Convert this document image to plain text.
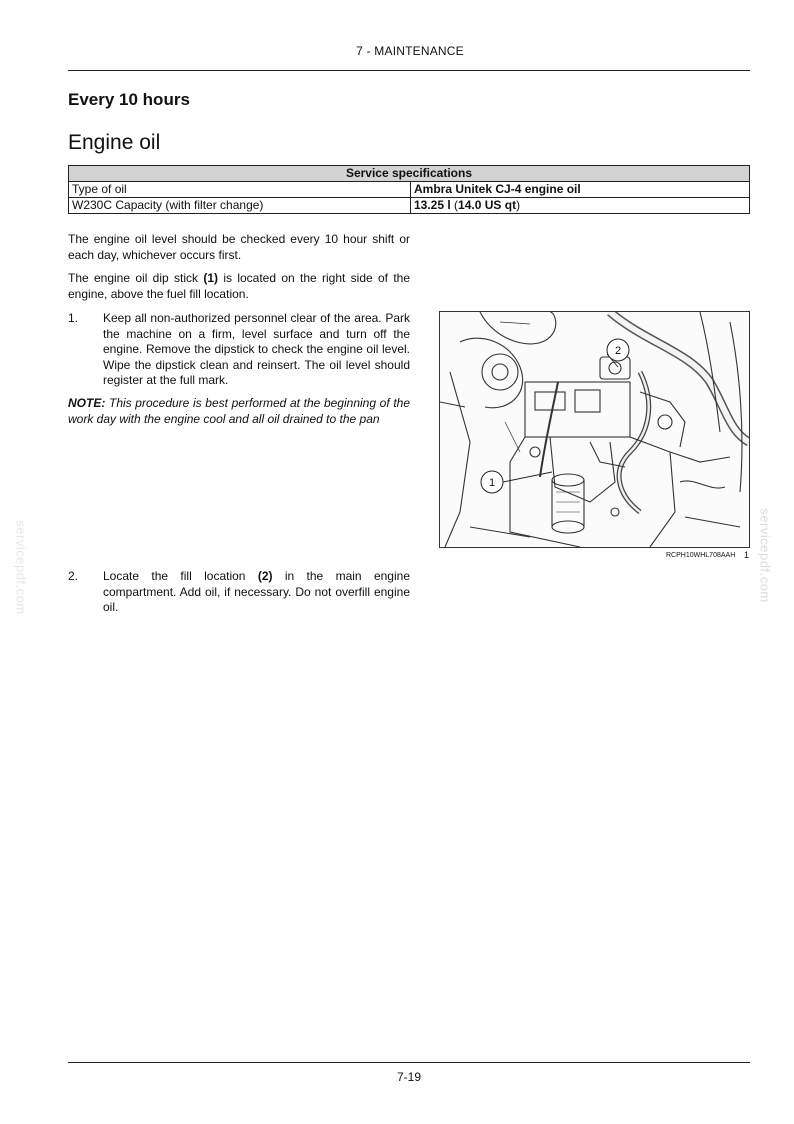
7 - MAINTENANCE
Every 10 hours
Engine oil
Service specifications	
Type of oil	Ambra Unitek CJ-4 engine oil
W230C Capacity (with filter change)	13.25 l (14.0 US qt)
The engine oil level should be checked every 10 hour shift or each day, whichever occurs first.
The engine oil dip stick (1) is located on the right side of the engine, above the fuel fill location.
1.	Keep all non-authorized personnel clear of the area. Park the machine on a firm, level surface and turn off the engine. Remove the dipstick to check the engine oil level. Wipe the dipstick clean and reinsert. The oil level should register at the full mark.
NOTE: This procedure is best performed at the beginning of the work day with the engine cool and all oil drained to the pan
2.	Locate the fill location (2) in the main engine compartment. Add oil, if necessary. Do not overfill engine oil.
1
2
RCPH10WHL708AAH 1
servicepdf.com	servicepdf.com
7-19
